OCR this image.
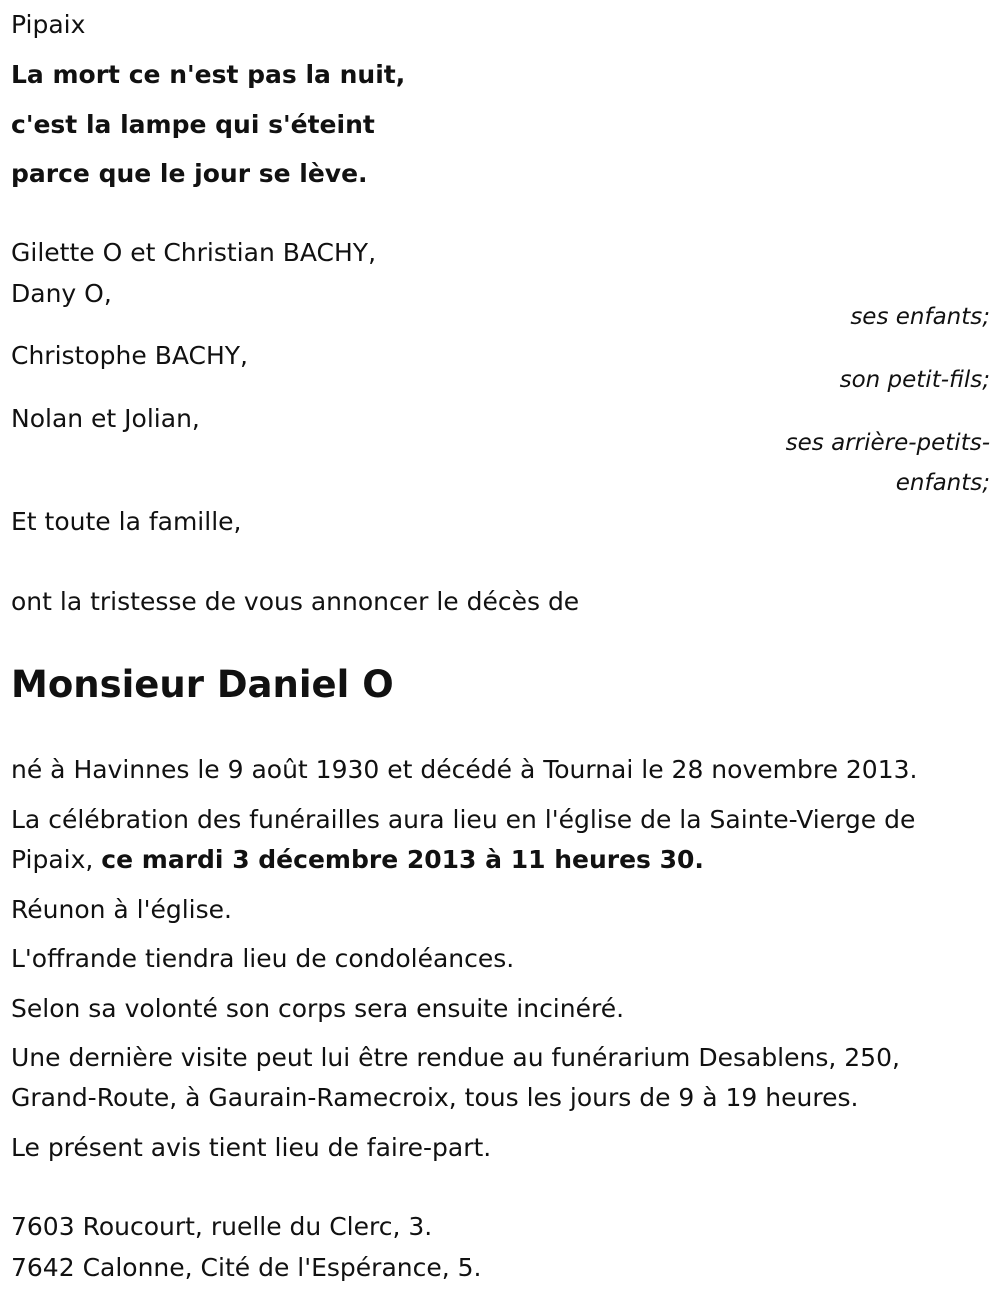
Pipaix

La mort ce n'est pas la nuit,

c'est la lampe qui s'éteint

parce que le jour se lève.

Gilette O et Christian BACHY,

Dany O,

ses enfants;

Christophe BACHY,

son petit-fils;

Nolan et Jolian,

ses arrière-petits-

enfants;

Et toute la famille,

ont la tristesse de vous annoncer le décès de

Monsieur Daniel O

né à Havinnes le 9 août 1930 et décédé à Tournai le 28 novembre 2013.

La célébration des funérailles aura lieu en l'église de la Sainte-Vierge de Pipaix, ce mardi 3 décembre 2013 à 11 heures 30.

Réunon à l'église.

L'offrande tiendra lieu de condoléances.

Selon sa volonté son corps sera ensuite incinéré.

Une dernière visite peut lui être rendue au funérarium Desablens, 250, Grand-Route, à Gaurain-Ramecroix, tous les jours de 9 à 19 heures.

Le présent avis tient lieu de faire-part.

7603 Roucourt, ruelle du Clerc, 3.

7642 Calonne, Cité de l'Espérance, 5.
